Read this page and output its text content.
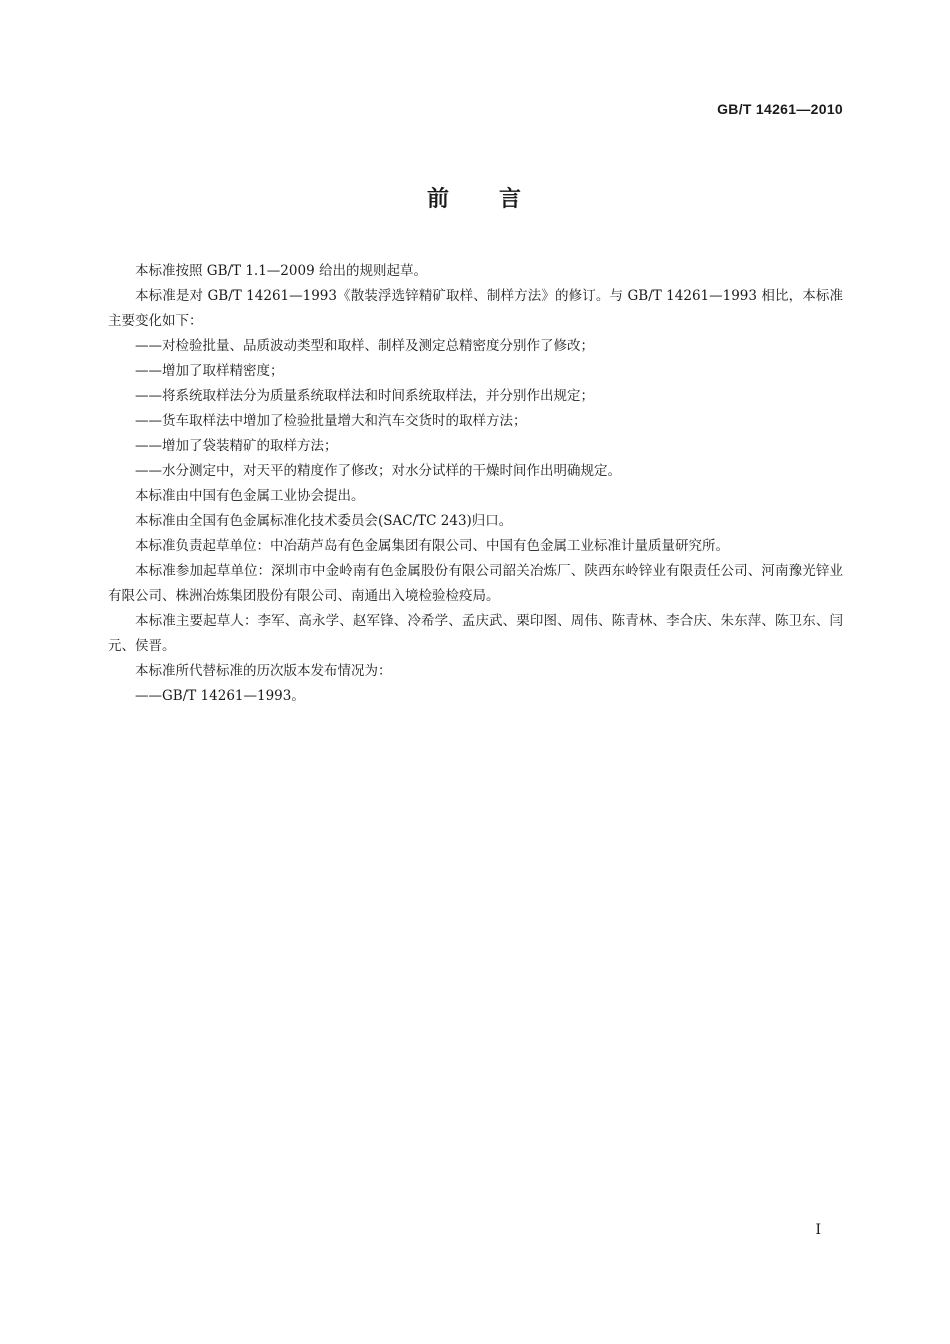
GB/T 14261—2010
前　　言

本标准按照 GB/T 1.1—2009 给出的规则起草。

本标准是对 GB/T 14261—1993《散装浮选锌精矿取样、制样方法》的修订。与 GB/T 14261—1993 相比，本标准主要变化如下：

——对检验批量、品质波动类型和取样、制样及测定总精密度分别作了修改；

——增加了取样精密度；

——将系统取样法分为质量系统取样法和时间系统取样法，并分别作出规定；

——货车取样法中增加了检验批量增大和汽车交货时的取样方法；

——增加了袋装精矿的取样方法；

——水分测定中，对天平的精度作了修改；对水分试样的干燥时间作出明确规定。

本标准由中国有色金属工业协会提出。

本标准由全国有色金属标准化技术委员会(SAC/TC 243)归口。

本标准负责起草单位：中冶葫芦岛有色金属集团有限公司、中国有色金属工业标准计量质量研究所。

本标准参加起草单位：深圳市中金岭南有色金属股份有限公司韶关冶炼厂、陕西东岭锌业有限责任公司、河南豫光锌业有限公司、株洲冶炼集团股份有限公司、南通出入境检验检疫局。

本标准主要起草人：李军、高永学、赵军锋、冷希学、孟庆武、栗印图、周伟、陈青林、李合庆、朱东萍、陈卫东、闫元、侯晋。

本标准所代替标准的历次版本发布情况为：

——GB/T 14261—1993。

I
